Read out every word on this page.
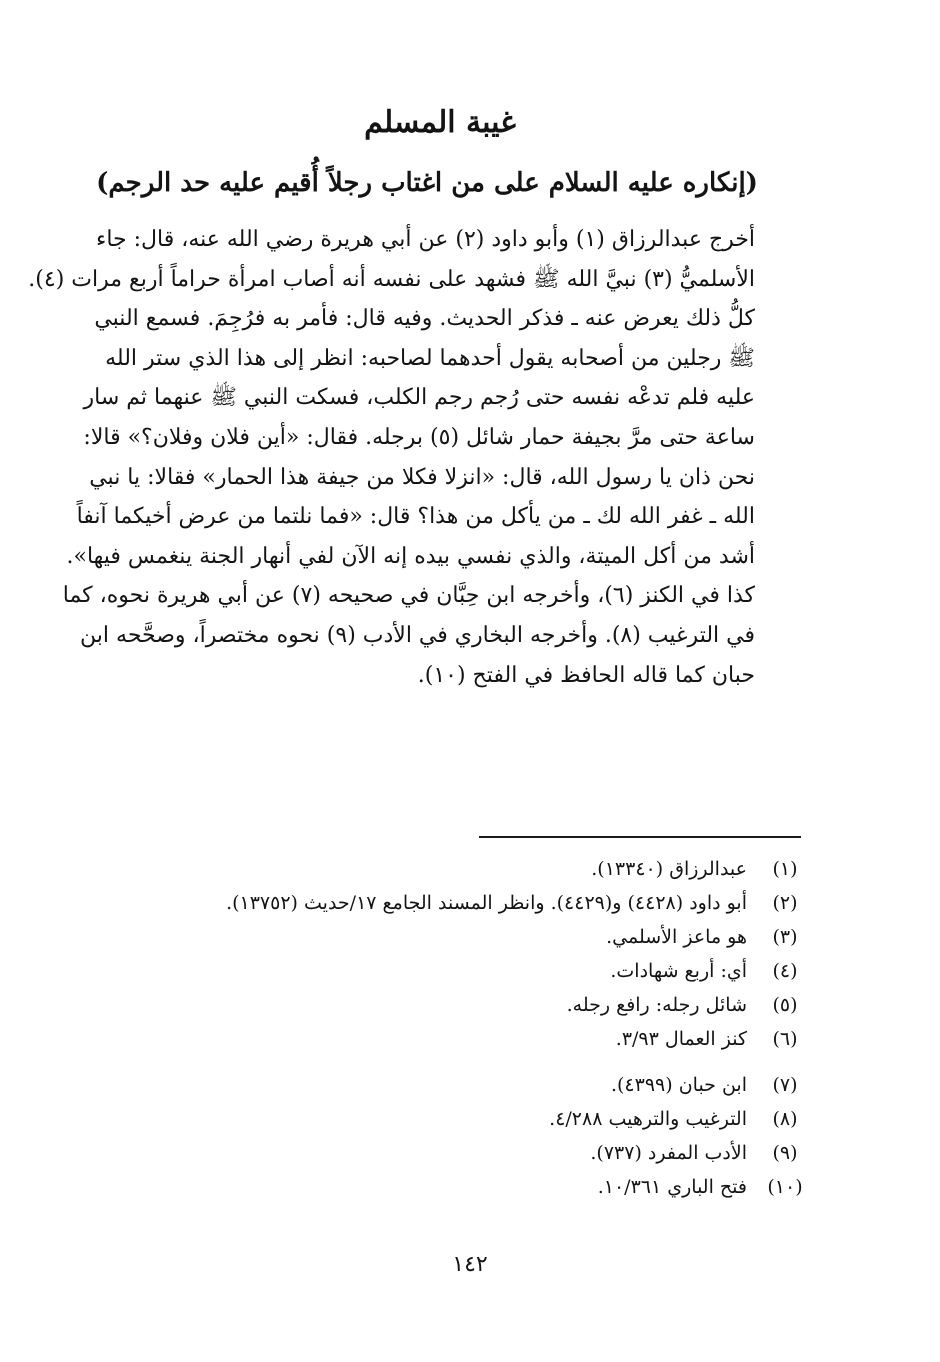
غيبة المسلم
(إنكاره عليه السلام على من اغتاب رجلاً أُقيم عليه حد الرجم)
أخرج عبدالرزاق (١) وأبو داود (٢) عن أبي هريرة رضي الله عنه، قال: جاء
الأسلميُّ (٣) نبيَّ الله ﷺ فشهد على نفسه أنه أصاب امرأة حراماً أربع مرات (٤).
كلُّ ذلك يعرض عنه ـ فذكر الحديث. وفيه قال: فأمر به فرُجِمَ. فسمع النبي
ﷺ رجلين من أصحابه يقول أحدهما لصاحبه: انظر إلى هذا الذي ستر الله
عليه فلم تدعْه نفسه حتى رُجم رجم الكلب، فسكت النبي ﷺ عنهما ثم سار
ساعة حتى مرَّ بجيفة حمار شائل (٥) برجله. فقال: «أين فلان وفلان؟» قالا:
نحن ذان يا رسول الله، قال: «انزلا فكلا من جيفة هذا الحمار» فقالا: يا نبي
الله ـ غفر الله لك ـ من يأكل من هذا؟ قال: «فما نلتما من عرض أخيكما آنفاً
أشد من أكل الميتة، والذي نفسي بيده إنه الآن لفي أنهار الجنة ينغمس فيها».
كذا في الكنز (٦)، وأخرجه ابن حِبَّان في صحيحه (٧) عن أبي هريرة نحوه، كما
في الترغيب (٨). وأخرجه البخاري في الأدب (٩) نحوه مختصراً، وصحَّحه ابن
حبان كما قاله الحافظ في الفتح (١٠).
(١)
عبدالرزاق (١٣٣٤٠).
(٢)
أبو داود (٤٤٢٨) و(٤٤٢٩). وانظر المسند الجامع ١٧/حديث (١٣٧٥٢).
(٣)
هو ماعز الأسلمي.
(٤)
أي: أربع شهادات.
(٥)
شائل رجله: رافع رجله.
(٦)
كنز العمال ٣/٩٣.
(٧)
ابن حبان (٤٣٩٩).
(٨)
الترغيب والترهيب ٤/٢٨٨.
(٩)
الأدب المفرد (٧٣٧).
(١٠)
فتح الباري ١٠/٣٦١.
١٤٢
